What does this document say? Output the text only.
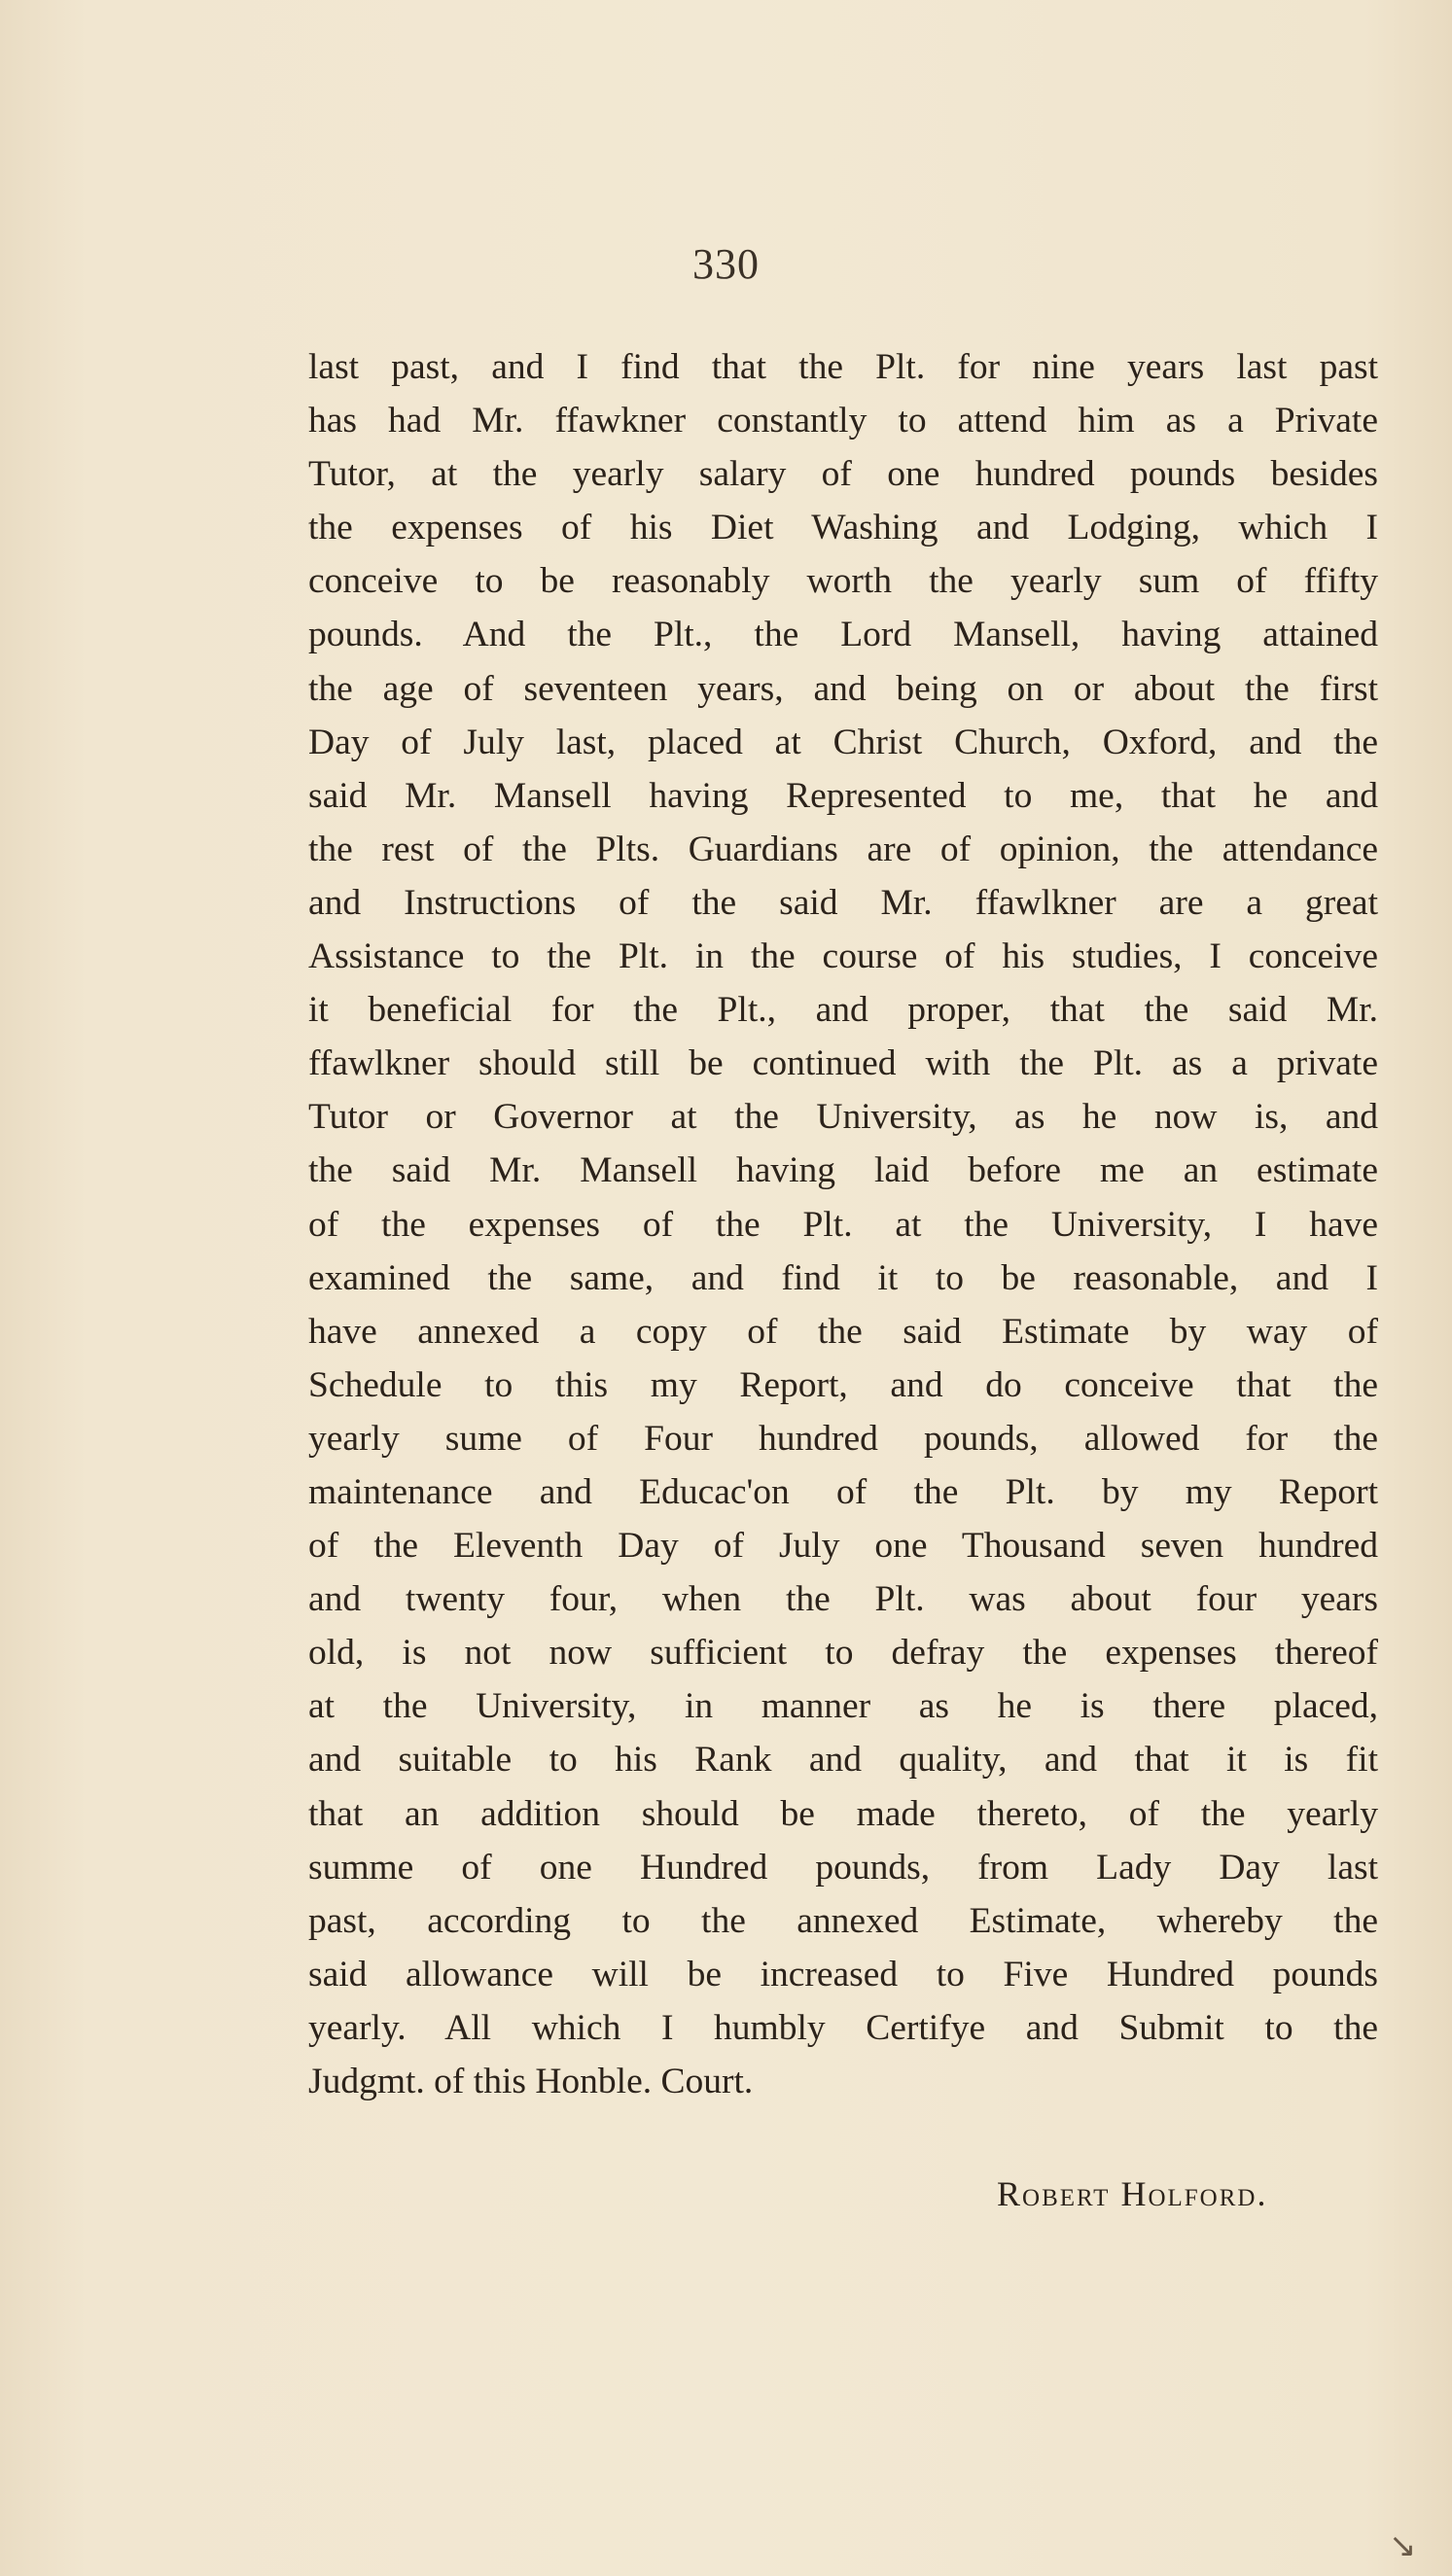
330
last past, and I find that the Plt. for nine years last past
has had Mr. ffawkner constantly to attend him as a Private
Tutor, at the yearly salary of one hundred pounds besides
the expenses of his Diet Washing and Lodging, which I
conceive to be reasonably worth the yearly sum of ffifty
pounds. And the Plt., the Lord Mansell, having attained
the age of seventeen years, and being on or about the first
Day of July last, placed at Christ Church, Oxford, and the
said Mr. Mansell having Represented to me, that he and
the rest of the Plts. Guardians are of opinion, the attendance
and Instructions of the said Mr. ffawlkner are a great
Assistance to the Plt. in the course of his studies, I conceive
it beneficial for the Plt., and proper, that the said Mr.
ffawlkner should still be continued with the Plt. as a private
Tutor or Governor at the University, as he now is, and
the said Mr. Mansell having laid before me an estimate
of the expenses of the Plt. at the University, I have
examined the same, and find it to be reasonable, and I
have annexed a copy of the said Estimate by way of
Schedule to this my Report, and do conceive that the
yearly sume of Four hundred pounds, allowed for the
maintenance and Educac'on of the Plt. by my Report
of the Eleventh Day of July one Thousand seven hundred
and twenty four, when the Plt. was about four years
old, is not now sufficient to defray the expenses thereof
at the University, in manner as he is there placed,
and suitable to his Rank and quality, and that it is fit
that an addition should be made thereto, of the yearly
summe of one Hundred pounds, from Lady Day last
past, according to the annexed Estimate, whereby the
said allowance will be increased to Five Hundred pounds
yearly. All which I humbly Certifye and Submit to the
Judgmt. of this Honble. Court.
Robert Holford.
↘
